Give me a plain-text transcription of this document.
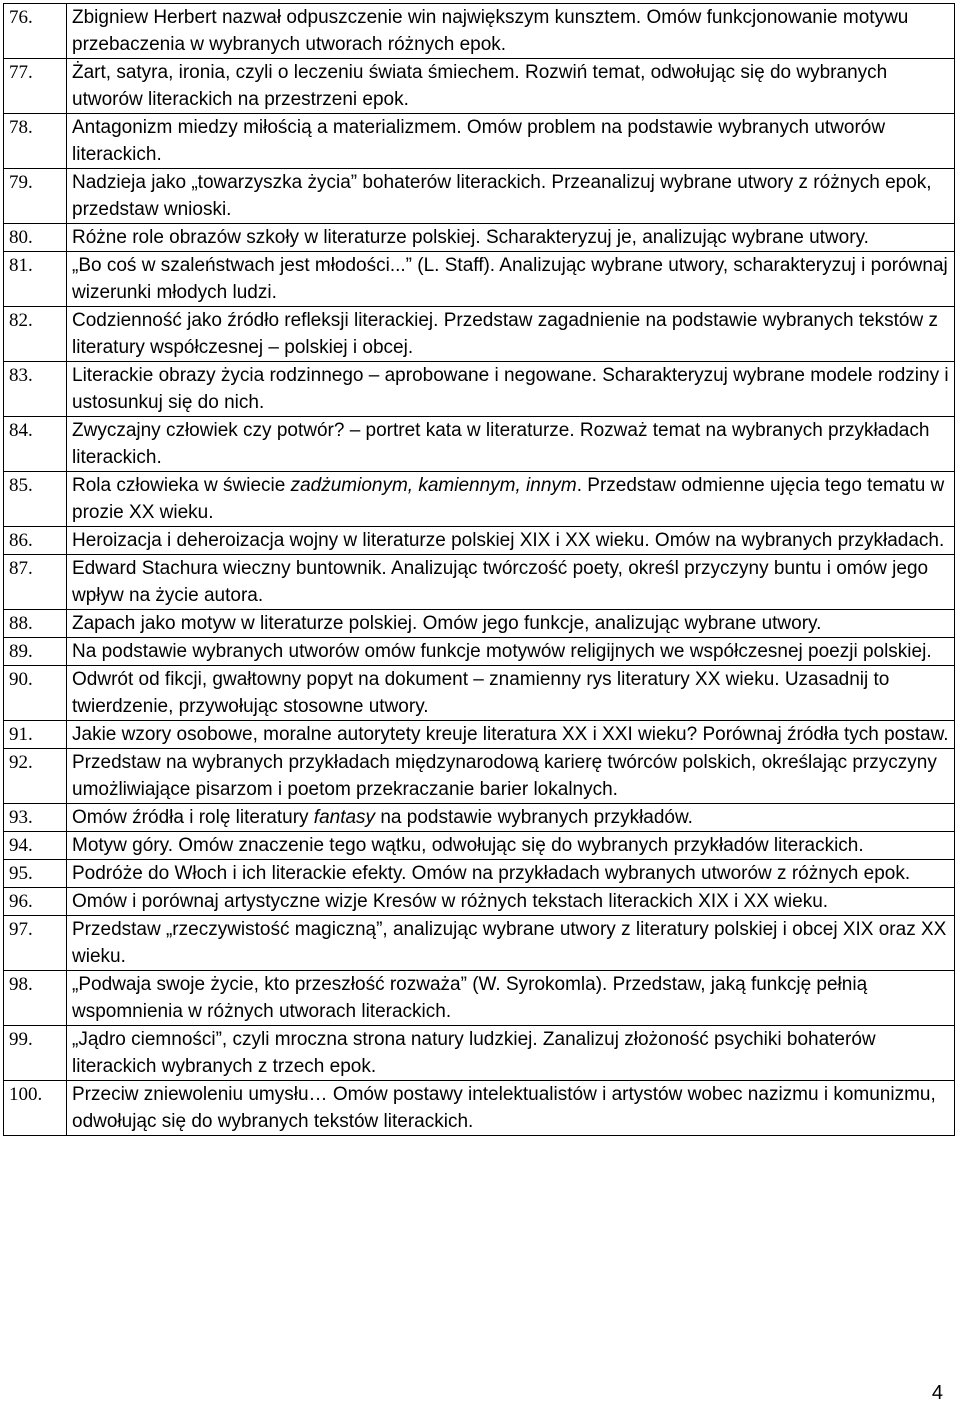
76.	Zbigniew Herbert nazwał odpuszczenie win największym kunsztem. Omów funkcjonowanie motywu przebaczenia w wybranych utworach różnych epok.
77.	Żart, satyra, ironia, czyli o leczeniu świata śmiechem. Rozwiń temat, odwołując się do wybranych utworów literackich na przestrzeni epok.
78.	Antagonizm miedzy miłością a materializmem. Omów problem na podstawie wybranych utworów literackich.
79.	Nadzieja jako „towarzyszka życia” bohaterów literackich. Przeanalizuj wybrane utwory z różnych epok, przedstaw wnioski.
80.	Różne role obrazów szkoły w literaturze polskiej. Scharakteryzuj je, analizując wybrane utwory.
81.	„Bo coś w szaleństwach jest młodości...” (L. Staff). Analizując wybrane utwory, scharakteryzuj i porównaj wizerunki młodych ludzi.
82.	Codzienność jako źródło refleksji literackiej. Przedstaw zagadnienie na podstawie wybranych tekstów z literatury współczesnej – polskiej i obcej.
83.	Literackie obrazy życia rodzinnego – aprobowane i negowane. Scharakteryzuj wybrane modele rodziny i ustosunkuj się do nich.
84.	Zwyczajny człowiek czy potwór? – portret kata w literaturze. Rozważ temat na wybranych przykładach literackich.
85.	Rola człowieka w świecie zadżumionym, kamiennym, innym. Przedstaw odmienne ujęcia tego tematu w prozie XX wieku.
86.	Heroizacja i deheroizacja wojny w literaturze polskiej XIX i XX wieku. Omów na wybranych przykładach.
87.	Edward Stachura wieczny buntownik. Analizując twórczość poety, określ przyczyny buntu i omów jego wpływ na życie autora.
88.	Zapach jako motyw w literaturze polskiej. Omów jego funkcje, analizując wybrane utwory.
89.	Na podstawie wybranych utworów omów funkcje motywów religijnych we współczesnej poezji polskiej.
90.	Odwrót od fikcji, gwałtowny popyt na dokument – znamienny rys literatury XX wieku. Uzasadnij to twierdzenie, przywołując stosowne utwory.
91.	Jakie wzory osobowe, moralne autorytety kreuje literatura XX i XXI wieku? Porównaj źródła tych postaw.
92.	Przedstaw na wybranych przykładach międzynarodową karierę twórców polskich, określając przyczyny umożliwiające pisarzom i poetom przekraczanie barier lokalnych.
93.	Omów źródła i rolę literatury fantasy na podstawie wybranych przykładów.
94.	Motyw góry. Omów znaczenie tego wątku, odwołując się do wybranych przykładów literackich.
95.	Podróże do Włoch i ich literackie efekty. Omów na przykładach wybranych utworów z różnych epok.
96.	Omów i porównaj artystyczne wizje Kresów w różnych tekstach literackich XIX i XX wieku.
97.	Przedstaw „rzeczywistość magiczną”, analizując wybrane utwory z literatury polskiej i obcej XIX oraz XX wieku.
98.	„Podwaja swoje życie, kto przeszłość rozważa” (W. Syrokomla). Przedstaw, jaką funkcję pełnią wspomnienia w różnych utworach literackich.
99.	„Jądro ciemności”, czyli mroczna strona natury ludzkiej. Zanalizuj złożoność psychiki bohaterów literackich wybranych z trzech epok.
100.	Przeciw zniewoleniu umysłu… Omów postawy intelektualistów i artystów wobec nazizmu i komunizmu, odwołując się do wybranych tekstów literackich.
4
